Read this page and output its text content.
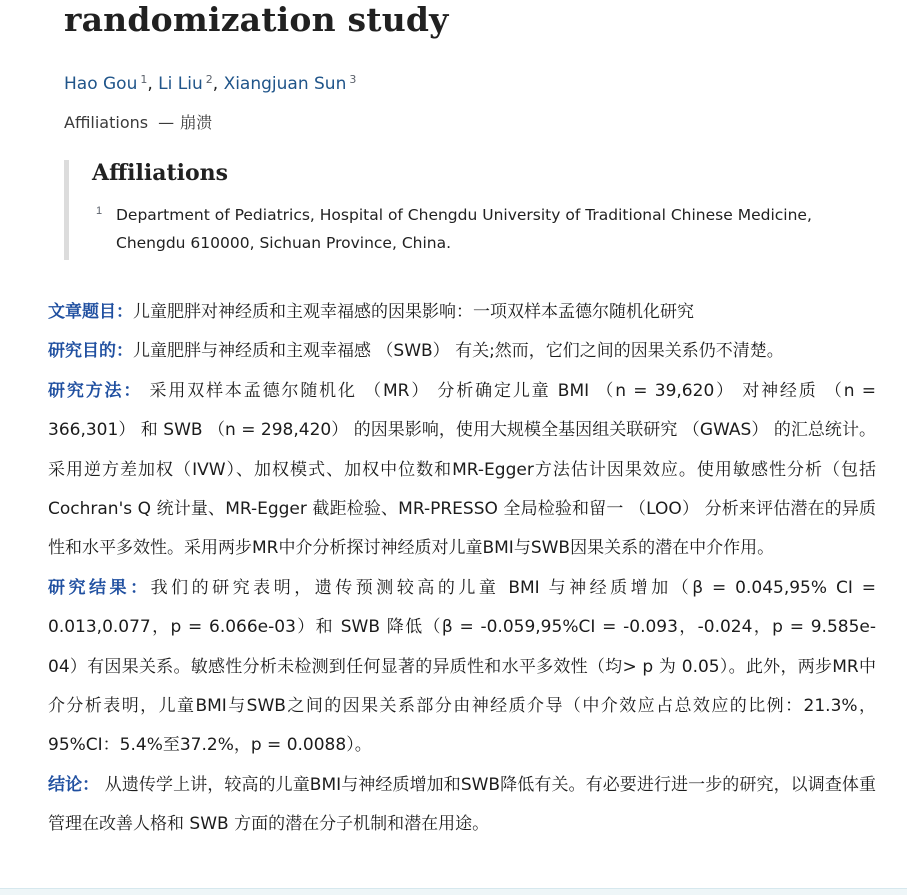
randomization study
Hao Gou $^1$, Li Liu $^2$, Xiangjuan Sun $^3$
Affiliations — 崩溃
Affiliations
1 Department of Pediatrics, Hospital of Chengdu University of Traditional Chinese Medicine, Chengdu 610000, Sichuan Province, China.

文章题目：儿童肥胖对神经质和主观幸福感的因果影响：一项双样本孟德尔随机化研究

研究目的：儿童肥胖与神经质和主观幸福感 （SWB） 有关;然而，它们之间的因果关系仍不清楚。

研究方法： 采用双样本孟德尔随机化 （MR） 分析确定儿童 BMI （n = 39,620） 对神经质 （n = 366,301） 和 SWB （n = 298,420） 的因果影响，使用大规模全基因组关联研究 （GWAS） 的汇总统计。采用逆方差加权（IVW）、加权模式、加权中位数和MR-Egger方法估计因果效应。使用敏感性分析（包括 Cochran's Q 统计量、MR-Egger 截距检验、MR-PRESSO 全局检验和留一 （LOO） 分析来评估潜在的异质性和水平多效性。采用两步MR中介分析探讨神经质对儿童BMI与SWB因果关系的潜在中介作用。

研究结果：我们的研究表明，遗传预测较高的儿童 BMI 与神经质增加（β = 0.045,95% CI = 0.013,0.077，p = 6.066e-03）和 SWB 降低（β = -0.059,95%CI = -0.093，-0.024，p = 9.585e-04）有因果关系。敏感性分析未检测到任何显著的异质性和水平多效性（均> p 为 0.05）。此外，两步MR中介分析表明，儿童BMI与SWB之间的因果关系部分由神经质介导（中介效应占总效应的比例：21.3%，95%CI：5.4%至37.2%，p = 0.0088）。

结论： 从遗传学上讲，较高的儿童BMI与神经质增加和SWB降低有关。有必要进行进一步的研究，以调查体重管理在改善人格和 SWB 方面的潜在分子机制和潜在用途。
